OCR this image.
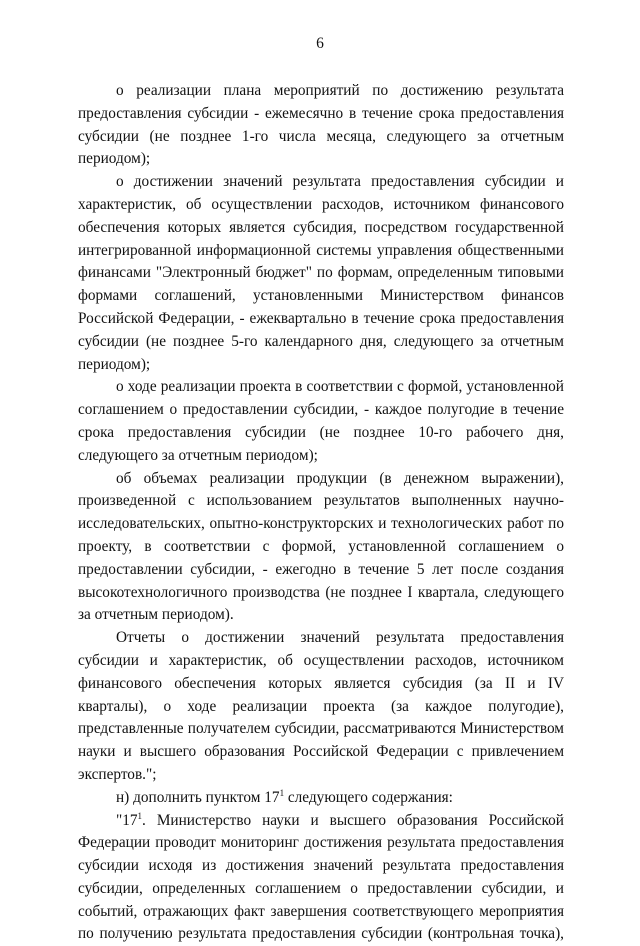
6

о реализации плана мероприятий по достижению результата предоставления субсидии - ежемесячно в течение срока предоставления субсидии (не позднее 1-го числа месяца, следующего за отчетным периодом);

о достижении значений результата предоставления субсидии и характеристик, об осуществлении расходов, источником финансового обеспечения которых является субсидия, посредством государственной интегрированной информационной системы управления общественными финансами "Электронный бюджет" по формам, определенным типовыми формами соглашений, установленными Министерством финансов Российской Федерации, - ежеквартально в течение срока предоставления субсидии (не позднее 5-го календарного дня, следующего за отчетным периодом);

о ходе реализации проекта в соответствии с формой, установленной соглашением о предоставлении субсидии, - каждое полугодие в течение срока предоставления субсидии (не позднее 10-го рабочего дня, следующего за отчетным периодом);

об объемах реализации продукции (в денежном выражении), произведенной с использованием результатов выполненных научно-исследовательских, опытно-конструкторских и технологических работ по проекту, в соответствии с формой, установленной соглашением о предоставлении субсидии, - ежегодно в течение 5 лет после создания высокотехнологичного производства (не позднее I квартала, следующего за отчетным периодом).

Отчеты о достижении значений результата предоставления субсидии и характеристик, об осуществлении расходов, источником финансового обеспечения которых является субсидия (за II и IV кварталы), о ходе реализации проекта (за каждое полугодие), представленные получателем субсидии, рассматриваются Министерством науки и высшего образования Российской Федерации с привлечением экспертов.";

н) дополнить пунктом $17^1$ следующего содержания:

"$17^1$. Министерство науки и высшего образования Российской Федерации проводит мониторинг достижения результата предоставления субсидии исходя из достижения значений результата предоставления субсидии, определенных соглашением о предоставлении субсидии, и событий, отражающих факт завершения соответствующего мероприятия по получению результата предоставления субсидии (контрольная точка),
